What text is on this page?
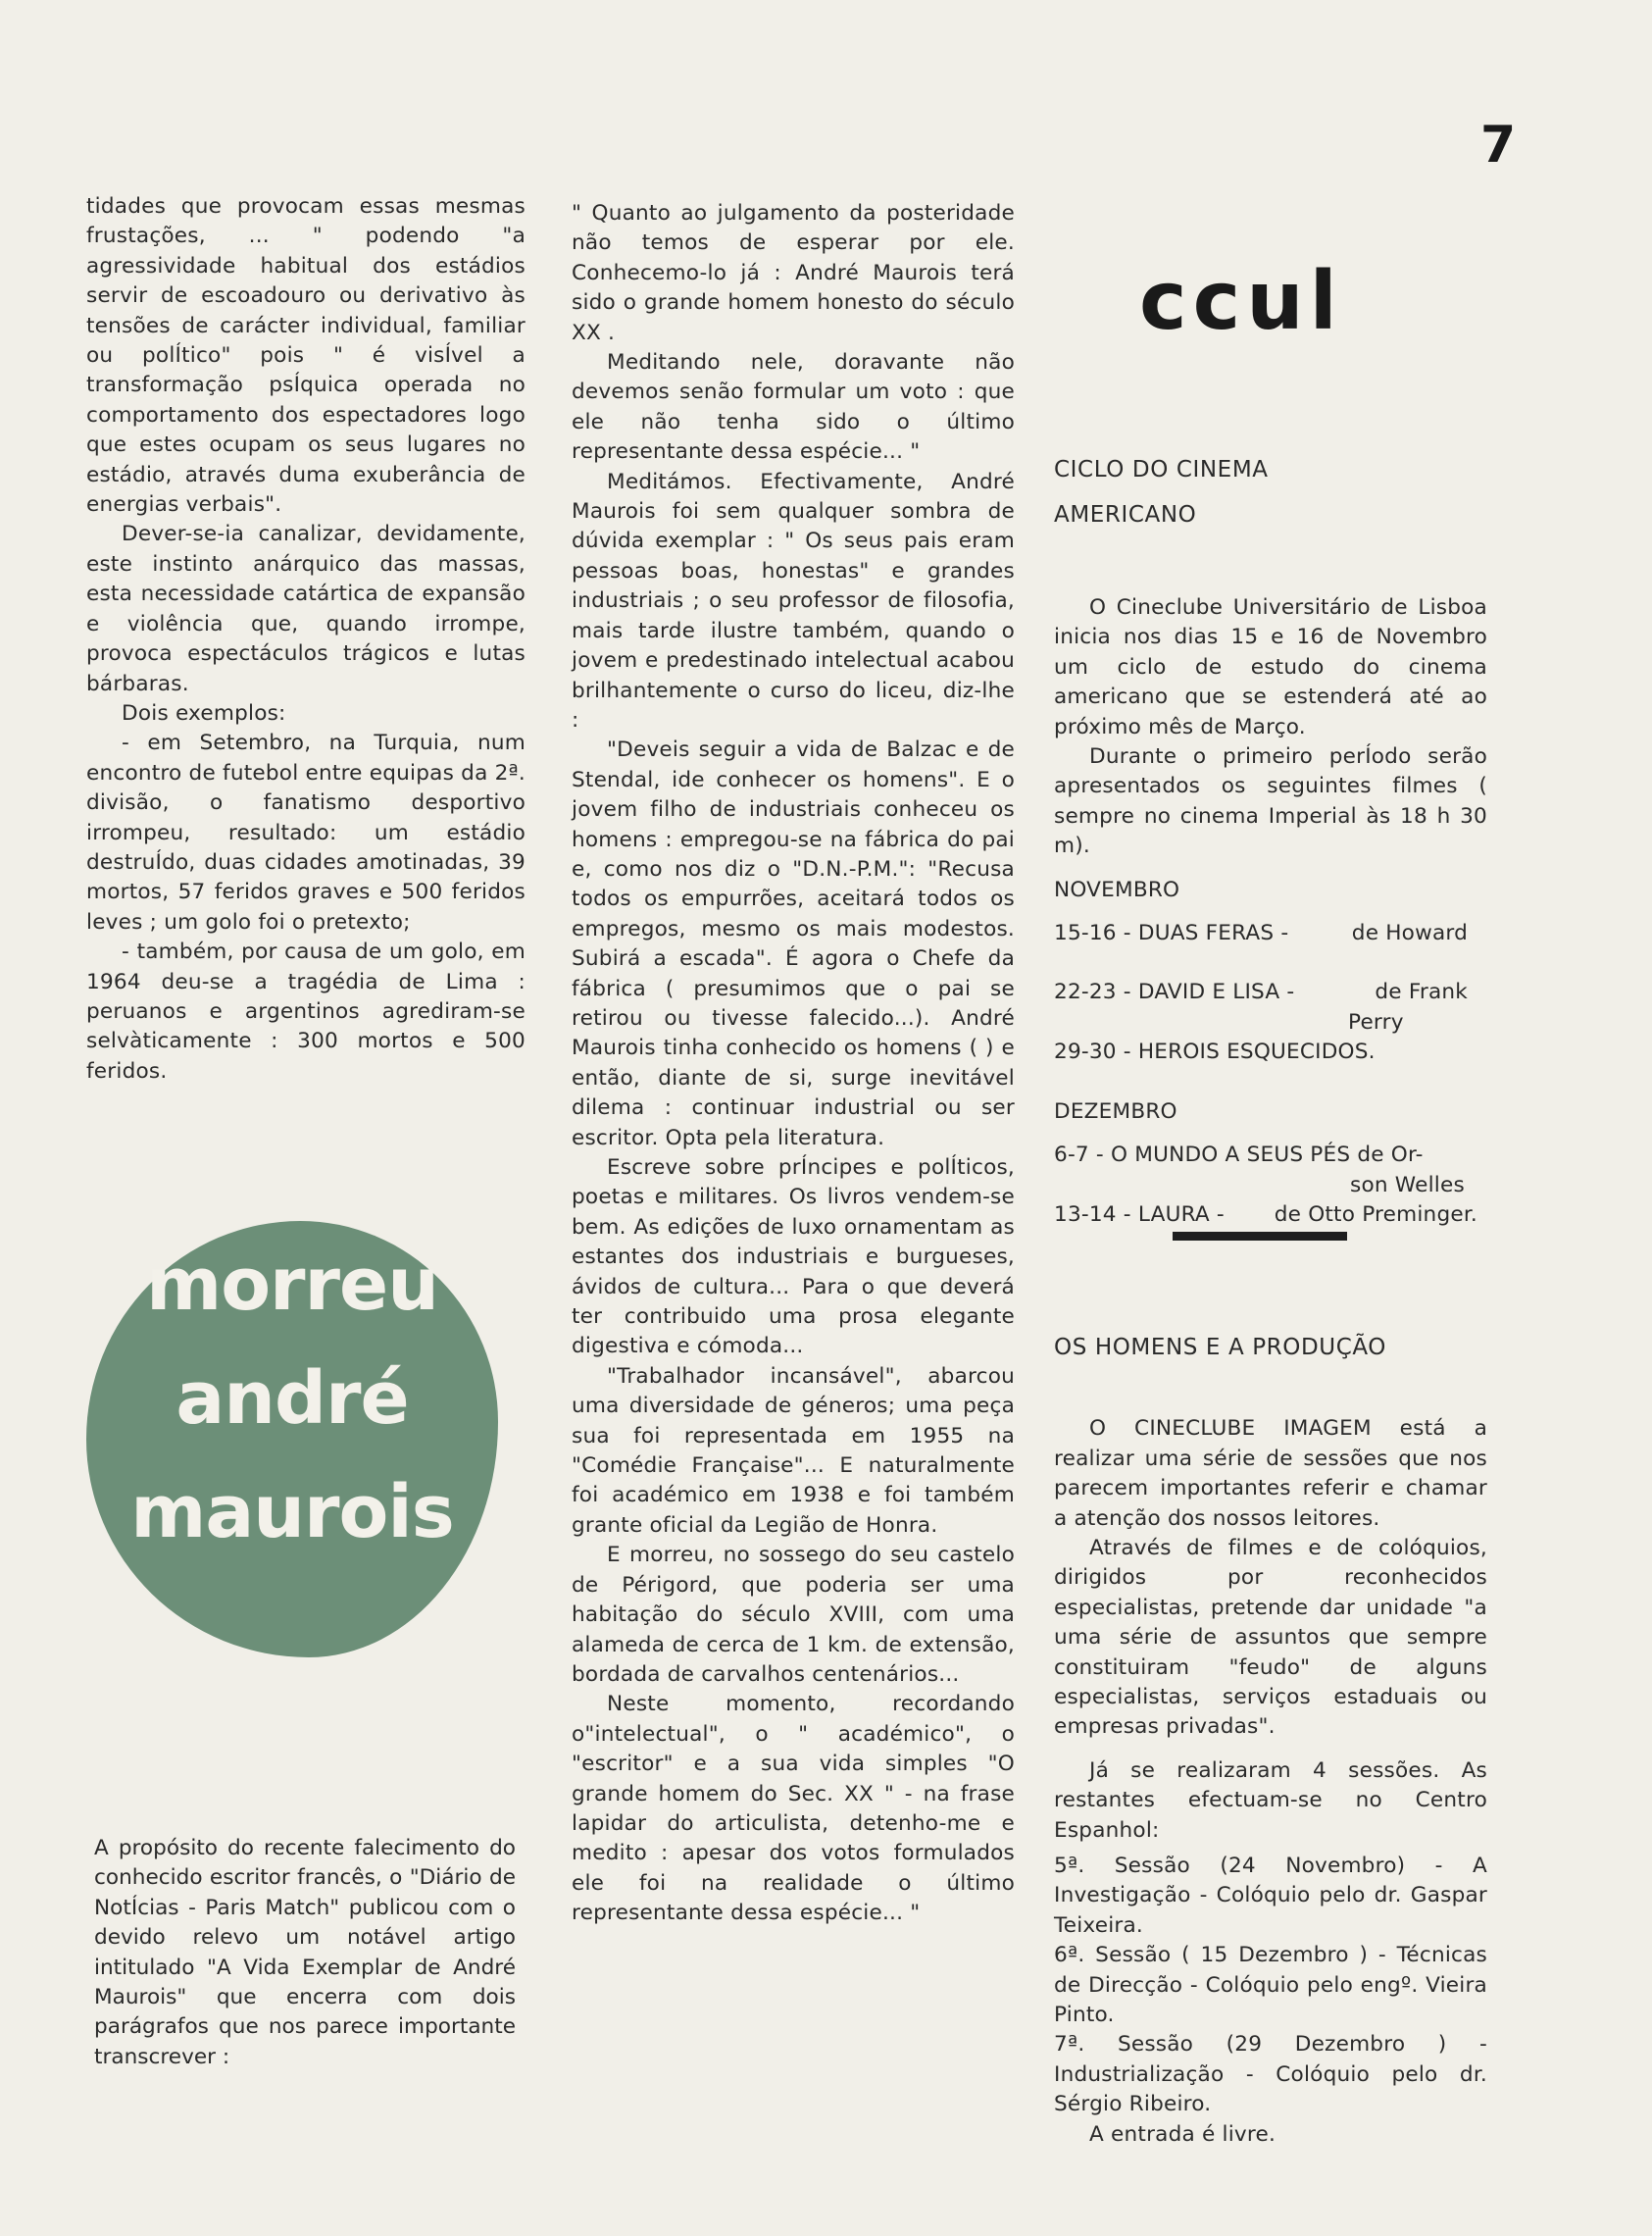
7

tidades que provocam essas mesmas frustações, ... " podendo "a agressividade habitual dos estádios servir de escoadouro ou derivativo às tensões de carácter individual, familiar ou polÍtico" pois " é visÍvel a transformação psÍquica operada no comportamento dos espectadores logo que estes ocupam os seus lugares no estádio, através duma exuberância de energias verbais".

Dever-se-ia canalizar, devidamente, este instinto anárquico das massas, esta necessidade catártica de expansão e violência que, quando irrompe, provoca espectáculos trágicos e lutas bárbaras.

Dois exemplos:

- em Setembro, na Turquia, num encontro de futebol entre equipas da 2ª. divisão, o fanatismo desportivo irrompeu, resultado: um estádio destruÍdo, duas cidades amotinadas, 39 mortos, 57 feridos graves e 500 feridos leves ; um golo foi o pretexto;

- também, por causa de um golo, em 1964 deu-se a tragédia de Lima : peruanos e argentinos agrediram-se selvàticamente : 300 mortos e 500 feridos.

morreu
andré
maurois

A propósito do recente falecimento do conhecido escritor francês, o "Diário de NotÍcias - Paris Match" publicou com o devido relevo um notável artigo intitulado "A Vida Exemplar de André Maurois" que encerra com dois parágrafos que nos parece importante transcrever :

" Quanto ao julgamento da posteridade não temos de esperar por ele. Conhecemo-lo já : André Maurois terá sido o grande homem honesto do século XX .

Meditando nele, doravante não devemos senão formular um voto : que ele não tenha sido o último representante dessa espécie... "

Meditámos. Efectivamente, André Maurois foi sem qualquer sombra de dúvida exemplar : " Os seus pais eram pessoas boas, honestas" e grandes industriais ; o seu professor de filosofia, mais tarde ilustre também, quando o jovem e predestinado intelectual acabou brilhantemente o curso do liceu, diz-lhe :

"Deveis seguir a vida de Balzac e de Stendal, ide conhecer os homens". E o jovem filho de industriais conheceu os homens : empregou-se na fábrica do pai e, como nos diz o "D.N.-P.M.": "Recusa todos os empurrões, aceitará todos os empregos, mesmo os mais modestos. Subirá a escada". É agora o Chefe da fábrica ( presumimos que o pai se retirou ou tivesse falecido...). André Maurois tinha conhecido os homens ( ) e então, diante de si, surge inevitável dilema : continuar industrial ou ser escritor. Opta pela literatura.

Escreve sobre prÍncipes e polÍticos, poetas e militares. Os livros vendem-se bem. As edições de luxo ornamentam as estantes dos industriais e burgueses, ávidos de cultura... Para o que deverá ter contribuido uma prosa elegante digestiva e cómoda...

"Trabalhador incansável", abarcou uma diversidade de géneros; uma peça sua foi representada em 1955 na "Comédie Française"... E naturalmente foi académico em 1938 e foi também grante oficial da Legião de Honra.

E morreu, no sossego do seu castelo de Périgord, que poderia ser uma habitação do século XVIII, com uma alameda de cerca de 1 km. de extensão, bordada de carvalhos centenários...

Neste momento, recordando o"intelectual", o " académico", o "escritor" e a sua vida simples "O grande homem do Sec. XX " - na frase lapidar do articulista, detenho-me e medito : apesar dos votos formulados ele foi na realidade o último representante dessa espécie... "

ccul

CICLO DO CINEMA

AMERICANO

O Cineclube Universitário de Lisboa inicia nos dias 15 e 16 de Novembro um ciclo de estudo do cinema americano que se estenderá até ao próximo mês de Março.

Durante o primeiro perÍodo serão apresentados os seguintes filmes ( sempre no cinema Imperial às 18 h 30 m).

NOVEMBRO
15-16 - DUAS FERAS -	de Howard
22-23 - DAVID E LISA -	de Frank
Perry
29-30 - HEROIS ESQUECIDOS.
DEZEMBRO
6-7 - O MUNDO A SEUS PÉS de Or-
son Welles
13-14 - LAURA - de Otto Preminger.

OS HOMENS E A PRODUÇÃO

O CINECLUBE IMAGEM está a realizar uma série de sessões que nos parecem importantes referir e chamar a atenção dos nossos leitores.

Através de filmes e de colóquios, dirigidos por reconhecidos especialistas, pretende dar unidade "a uma série de assuntos que sempre constituiram "feudo" de alguns especialistas, serviços estaduais ou empresas privadas".

Já se realizaram 4 sessões. As restantes efectuam-se no Centro Espanhol:

5ª. Sessão (24 Novembro) - A Investigação - Colóquio pelo dr. Gaspar Teixeira.

6ª. Sessão ( 15 Dezembro ) - Técnicas de Direcção - Colóquio pelo engº. Vieira Pinto.

7ª. Sessão (29 Dezembro ) - Industrialização - Colóquio pelo dr. Sérgio Ribeiro.

A entrada é livre.
